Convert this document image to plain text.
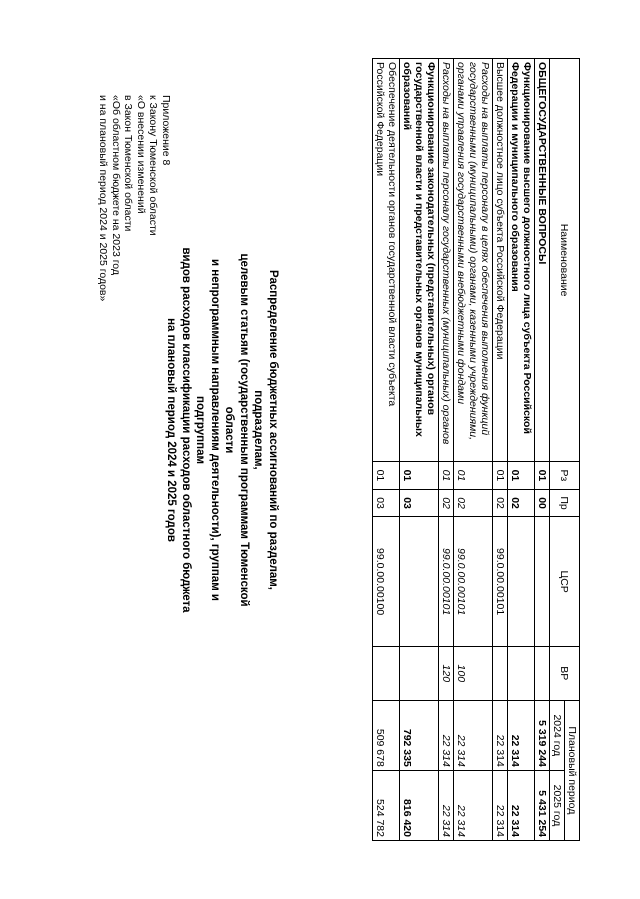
Приложение 8
к Закону Тюменской области
«О внесении изменений
в Закон Тюменской области
«Об областном бюджете на 2023 год
и на плановый период 2024 и 2025 годов»
Распределение бюджетных ассигнований по разделам, подразделам,
целевым статьям (государственным программам Тюменской области
и непрограммным направлениям деятельности), группам и подгруппам
видов расходов классификации расходов областного бюджета
на плановый период 2024 и 2025 годов
Наименование	Рз	Пр	ЦСР	ВР	Плановый период	
					2024 год	2025 год
ОБЩЕГОСУДАРСТВЕННЫЕ ВОПРОСЫ	01	00			5 319 244	5 431 254
Функционирование высшего должностного лица субъекта Российской Федерации и муниципального образования	01	02			22 314	22 314
Высшее должностное лицо субъекта Российской Федерации	01	02	99.0.00.00101		22 314	22 314
Расходы на выплаты персоналу в целях обеспечения выполнения функций государственными (муниципальными) органами, казенными учреждениями, органами управления государственными внебюджетными фондами	01	02	99.0.00.00101	100	22 314	22 314
Расходы на выплаты персоналу государственных (муниципальных) органов	01	02	99.0.00.00101	120	22 314	22 314
Функционирование законодательных (представительных) органов государственной власти и представительных органов муниципальных образований	01	03			792 335	816 420
Обеспечение деятельности органов государственной власти субъекта Российской Федерации	01	03	99.0.00.00100		509 678	524 782
